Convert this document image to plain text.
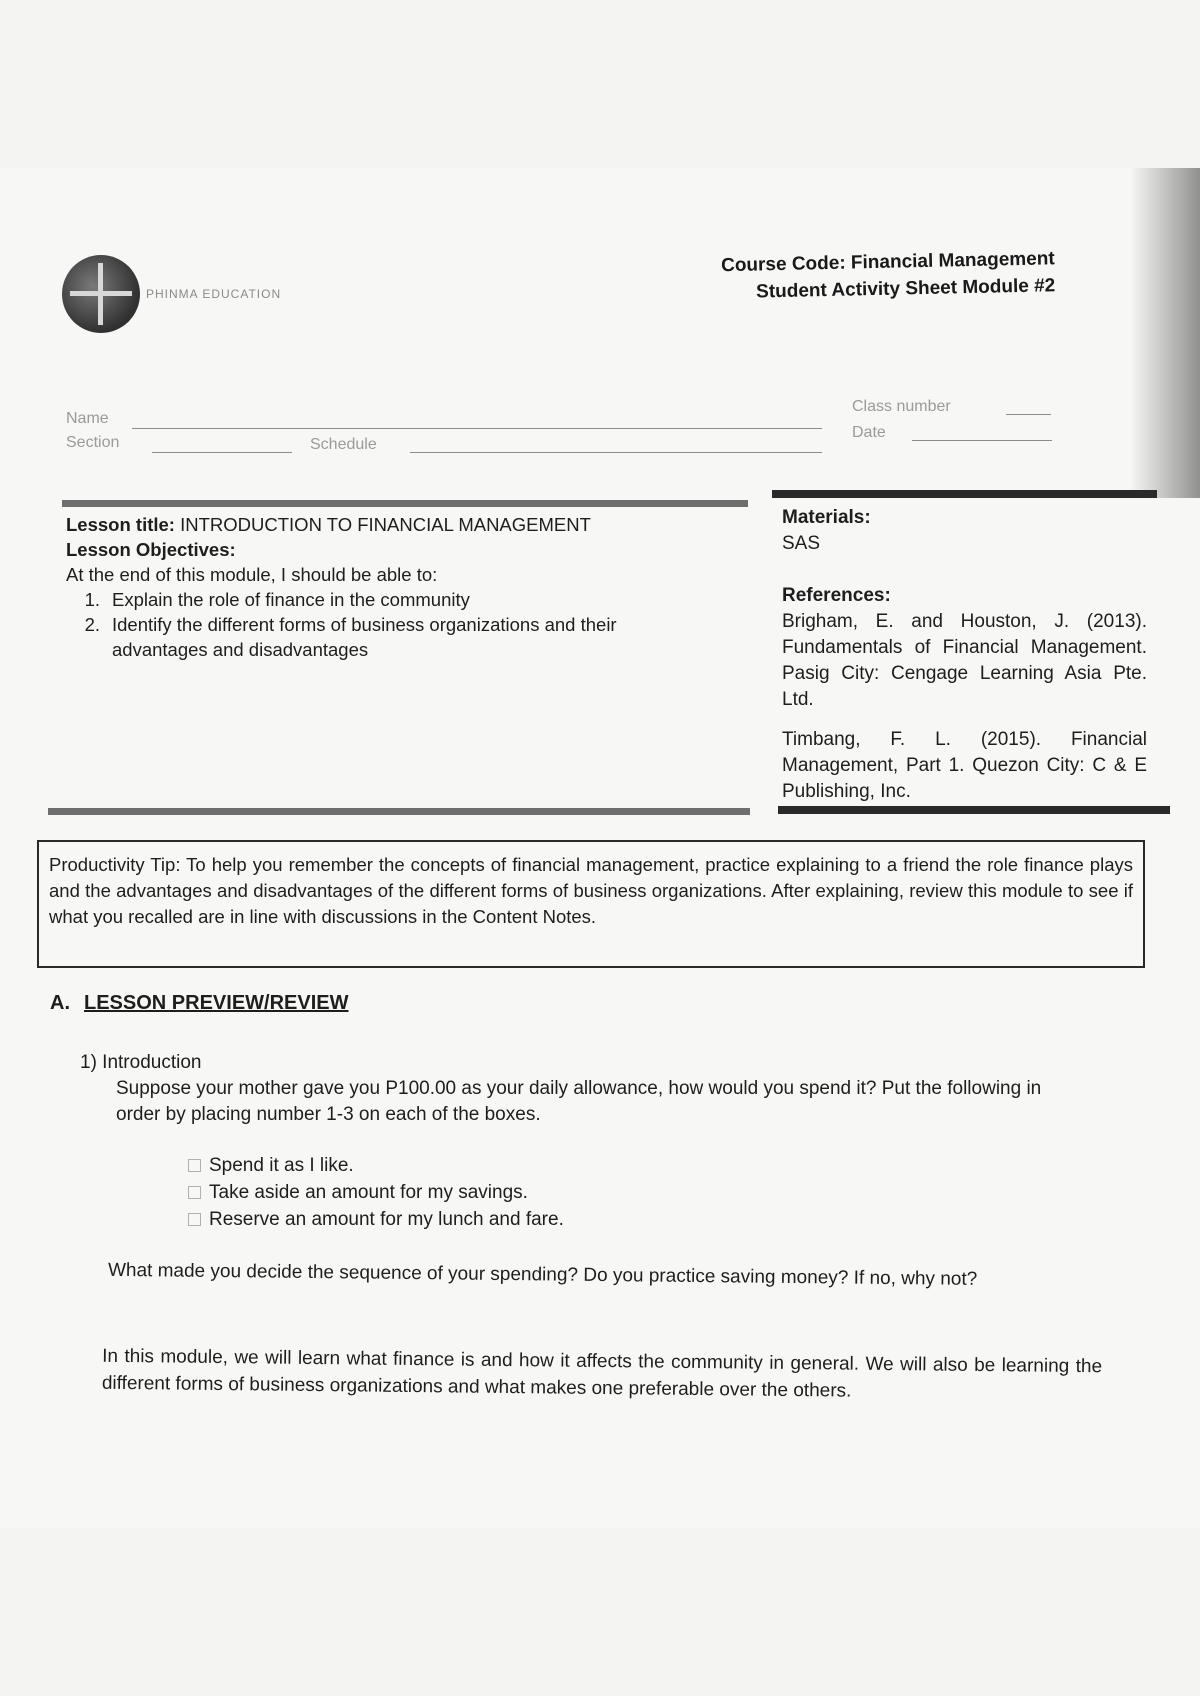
PHINMA EDUCATION
Course Code: Financial Management
Student Activity Sheet Module #2
Name
Section	Schedule
Class number
Date
Lesson title: INTRODUCTION TO FINANCIAL MANAGEMENT
Lesson Objectives:
At the end of this module, I should be able to:
1. Explain the role of finance in the community
2. Identify the different forms of business organizations and their advantages and disadvantages
Materials:
SAS
References:

Brigham, E. and Houston, J. (2013). Fundamentals of Financial Management. Pasig City: Cengage Learning Asia Pte. Ltd.

Timbang, F. L. (2015). Financial Management, Part 1. Quezon City: C & E Publishing, Inc.

Productivity Tip: To help you remember the concepts of financial management, practice explaining to a friend the role finance plays and the advantages and disadvantages of the different forms of business organizations. After explaining, review this module to see if what you recalled are in line with discussions in the Content Notes.
A. LESSON PREVIEW/REVIEW
1) Introduction
Suppose your mother gave you P100.00 as your daily allowance, how would you spend it? Put the following in order by placing number 1-3 on each of the boxes.
Spend it as I like.
Take aside an amount for my savings.
Reserve an amount for my lunch and fare.
What made you decide the sequence of your spending? Do you practice saving money? If no, why not?
In this module, we will learn what finance is and how it affects the community in general. We will also be learning the different forms of business organizations and what makes one preferable over the others.
